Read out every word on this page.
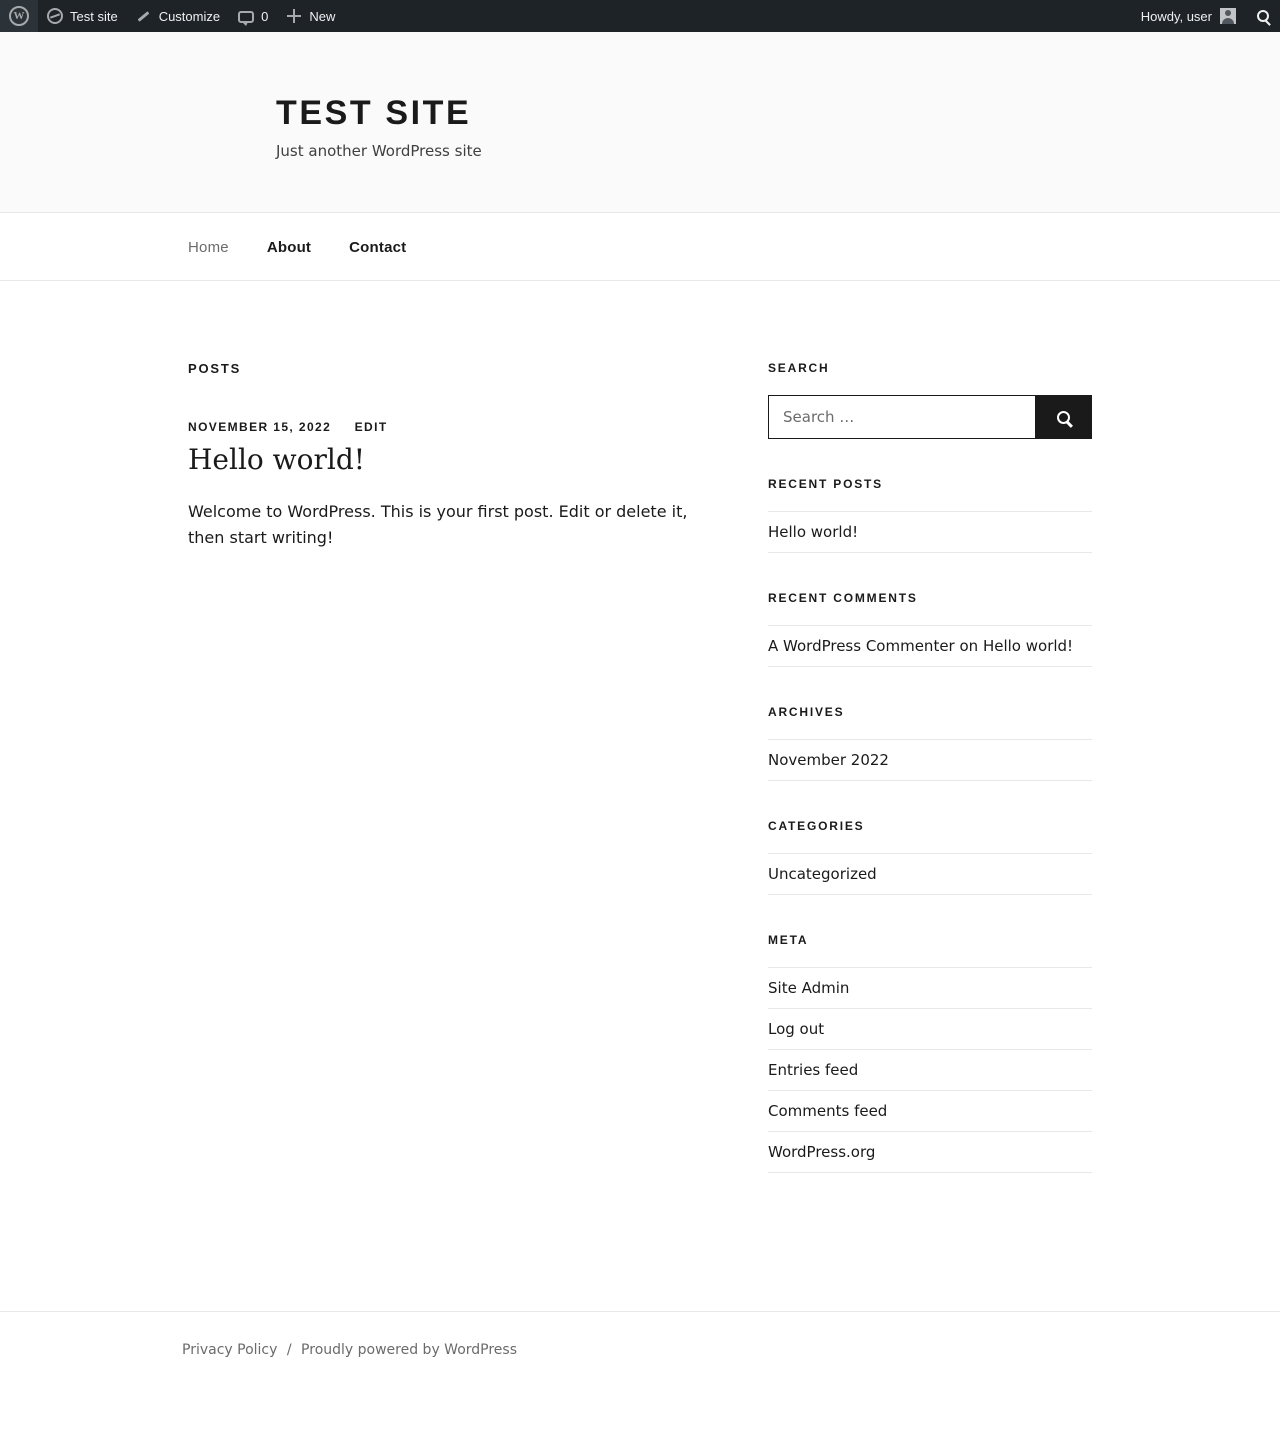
W
Test site	Customize	0	New	Howdy, user
TEST SITE
Just another WordPress site
Home	About	Contact
POSTS
NOVEMBER 15, 2022 EDIT
Hello world!

Welcome to WordPress. This is your first post. Edit or delete it, then start writing!

SEARCH
Search …
RECENT POSTS
Hello world!
RECENT COMMENTS
A WordPress Commenter on Hello world!
ARCHIVES
November 2022
CATEGORIES
Uncategorized
META
Site Admin
Log out
Entries feed
Comments feed
WordPress.org
Privacy Policy / Proudly powered by WordPress
